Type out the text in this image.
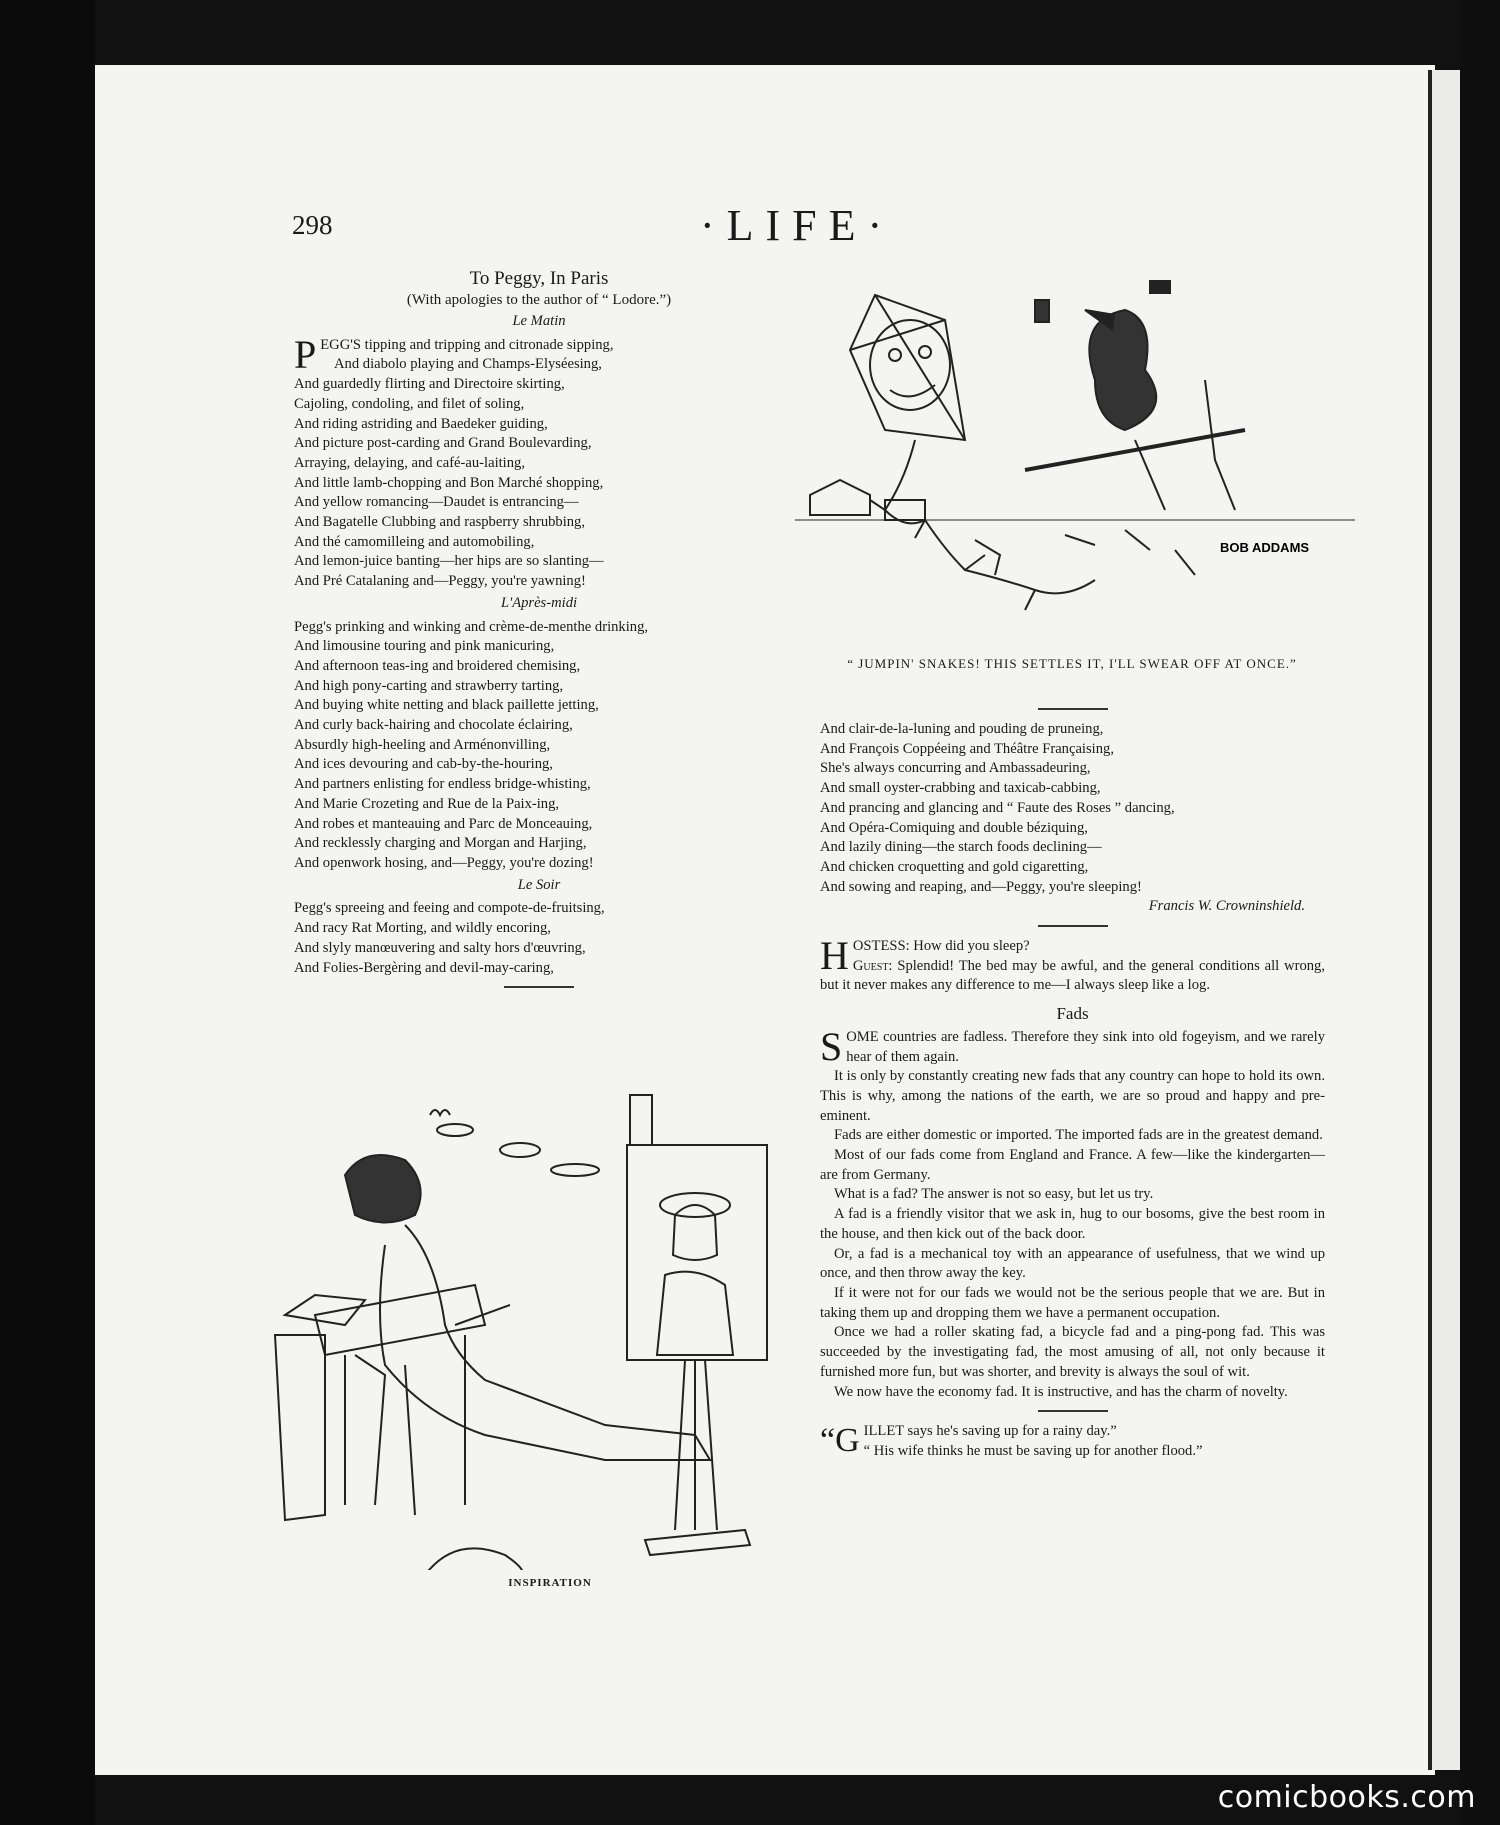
298	·LIFE·
To Peggy, In Paris
(With apologies to the author of “ Lodore.”)
Le Matin
P EGG'S tipping and tripping and citronade sipping,
And diabolo playing and Champs-Elyséesing,
And guardedly flirting and Directoire skirting,
Cajoling, condoling, and filet of soling,
And riding astriding and Baedeker guiding,
And picture post-carding and Grand Boulevarding,
Arraying, delaying, and café-au-laiting,
And little lamb-chopping and Bon Marché shopping,
And yellow romancing—Daudet is entrancing—
And Bagatelle Clubbing and raspberry shrubbing,
And thé camomilleing and automobiling,
And lemon-juice banting—her hips are so slanting—
And Pré Catalaning and—Peggy, you're yawning!
L'Après-midi
Pegg's prinking and winking and crème-de-menthe drinking,
And limousine touring and pink manicuring,
And afternoon teas-ing and broidered chemising,
And high pony-carting and strawberry tarting,
And buying white netting and black paillette jetting,
And curly back-hairing and chocolate éclairing,
Absurdly high-heeling and Arménonvilling,
And ices devouring and cab-by-the-houring,
And partners enlisting for endless bridge-whisting,
And Marie Crozeting and Rue de la Paix-ing,
And robes et manteauing and Parc de Monceauing,
And recklessly charging and Morgan and Harjing,
And openwork hosing, and—Peggy, you're dozing!
Le Soir
Pegg's spreeing and feeing and compote-de-fruitsing,
And racy Rat Morting, and wildly encoring,
And slyly manœuvering and salty hors d'œuvring,
And Folies-Bergèring and devil-may-caring,
BOB ADDAMS
“ JUMPIN' SNAKES! THIS SETTLES IT, I'LL SWEAR OFF AT ONCE.”
And clair-de-la-luning and pouding de pruneing,
And François Coppéeing and Théâtre Françaising,
She's always concurring and Ambassadeuring,
And small oyster-crabbing and taxicab-cabbing,
And prancing and glancing and “ Faute des Roses ” dancing,
And Opéra-Comiquing and double béziquing,
And lazily dining—the starch foods declining—
And chicken croquetting and gold cigaretting,
And sowing and reaping, and—Peggy, you're sleeping!
Francis W. Crowninshield.
H OSTESS: How did you sleep?
Guest: Splendid! The bed may be awful, and the general conditions all wrong, but it never makes any difference to me—I always sleep like a log.
Fads
SOME countries are fadless. Therefore they sink into old fogeyism, and we rarely hear of them again.
It is only by constantly creating new fads that any country can hope to hold its own. This is why, among the nations of the earth, we are so proud and happy and pre-eminent.
Fads are either domestic or imported. The imported fads are in the greatest demand.
Most of our fads come from England and France. A few—like the kindergarten—are from Germany.
What is a fad? The answer is not so easy, but let us try.
A fad is a friendly visitor that we ask in, hug to our bosoms, give the best room in the house, and then kick out of the back door.
Or, a fad is a mechanical toy with an appearance of usefulness, that we wind up once, and then throw away the key.
If it were not for our fads we would not be the serious people that we are. But in taking them up and dropping them we have a permanent occupation.
Once we had a roller skating fad, a bicycle fad and a ping-pong fad. This was succeeded by the investigating fad, the most amusing of all, not only because it furnished more fun, but was shorter, and brevity is always the soul of wit.
We now have the economy fad. It is instructive, and has the charm of novelty.
“G ILLET says he's saving up for a rainy day.”
“ His wife thinks he must be saving up for another flood.”
INSPIRATION
comicbooks.com
